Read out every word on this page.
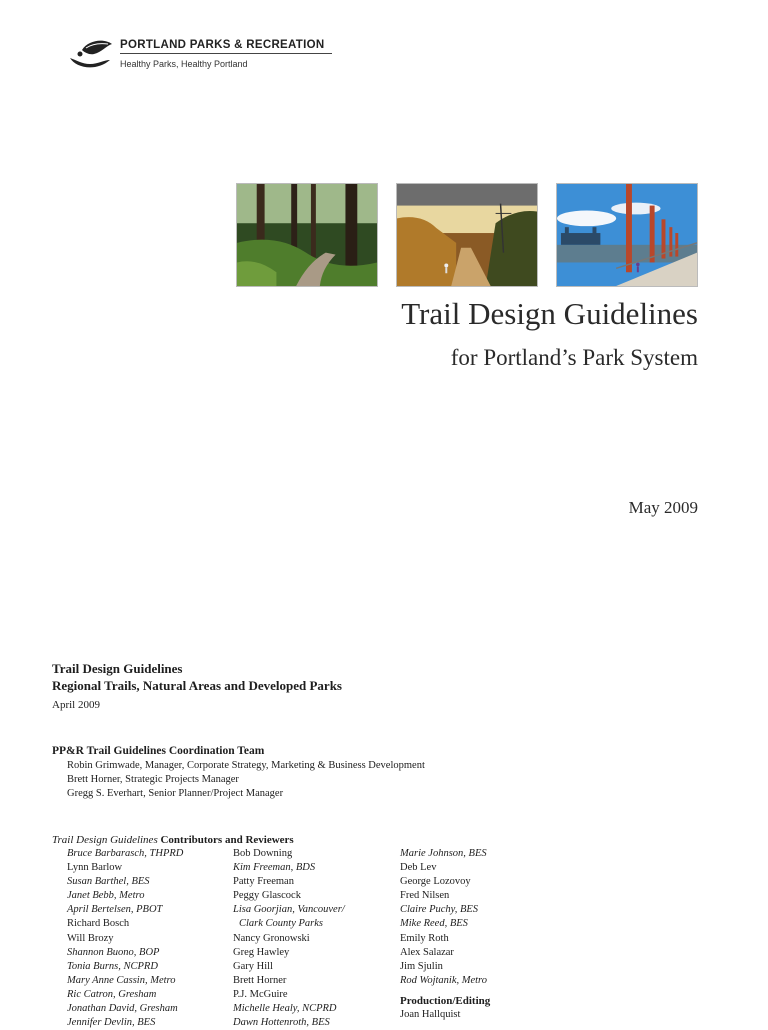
PORTLAND PARKS & RECREATION
Healthy Parks, Healthy Portland
Trail Design Guidelines
for Portland’s Park System
May 2009
Trail Design Guidelines
Regional Trails, Natural Areas and Developed Parks
April 2009
PP&R Trail Guidelines Coordination Team
Robin Grimwade, Manager, Corporate Strategy, Marketing & Business Development
Brett Horner, Strategic Projects Manager
Gregg S. Everhart, Senior Planner/Project Manager
Trail Design Guidelines Contributors and Reviewers
Bruce Barbarasch, THPRD
Lynn Barlow
Susan Barthel, BES
Janet Bebb, Metro
April Bertelsen, PBOT
Richard Bosch
Will Brozy
Shannon Buono, BOP
Tonia Burns, NCPRD
Mary Anne Cassin, Metro
Ric Catron, Gresham
Jonathan David, Gresham
Jennifer Devlin, BES
Bob Downing
Kim Freeman, BDS
Patty Freeman
Peggy Glascock
Lisa Goorjian, Vancouver/
Clark County Parks
Nancy Gronowski
Greg Hawley
Gary Hill
Brett Horner
P.J. McGuire
Michelle Healy, NCPRD
Dawn Hottenroth, BES
Marie Johnson, BES
Deb Lev
George Lozovoy
Fred Nilsen
Claire Puchy, BES
Mike Reed, BES
Emily Roth
Alex Salazar
Jim Sjulin
Rod Wojtanik, Metro
Production/Editing
Joan Hallquist
